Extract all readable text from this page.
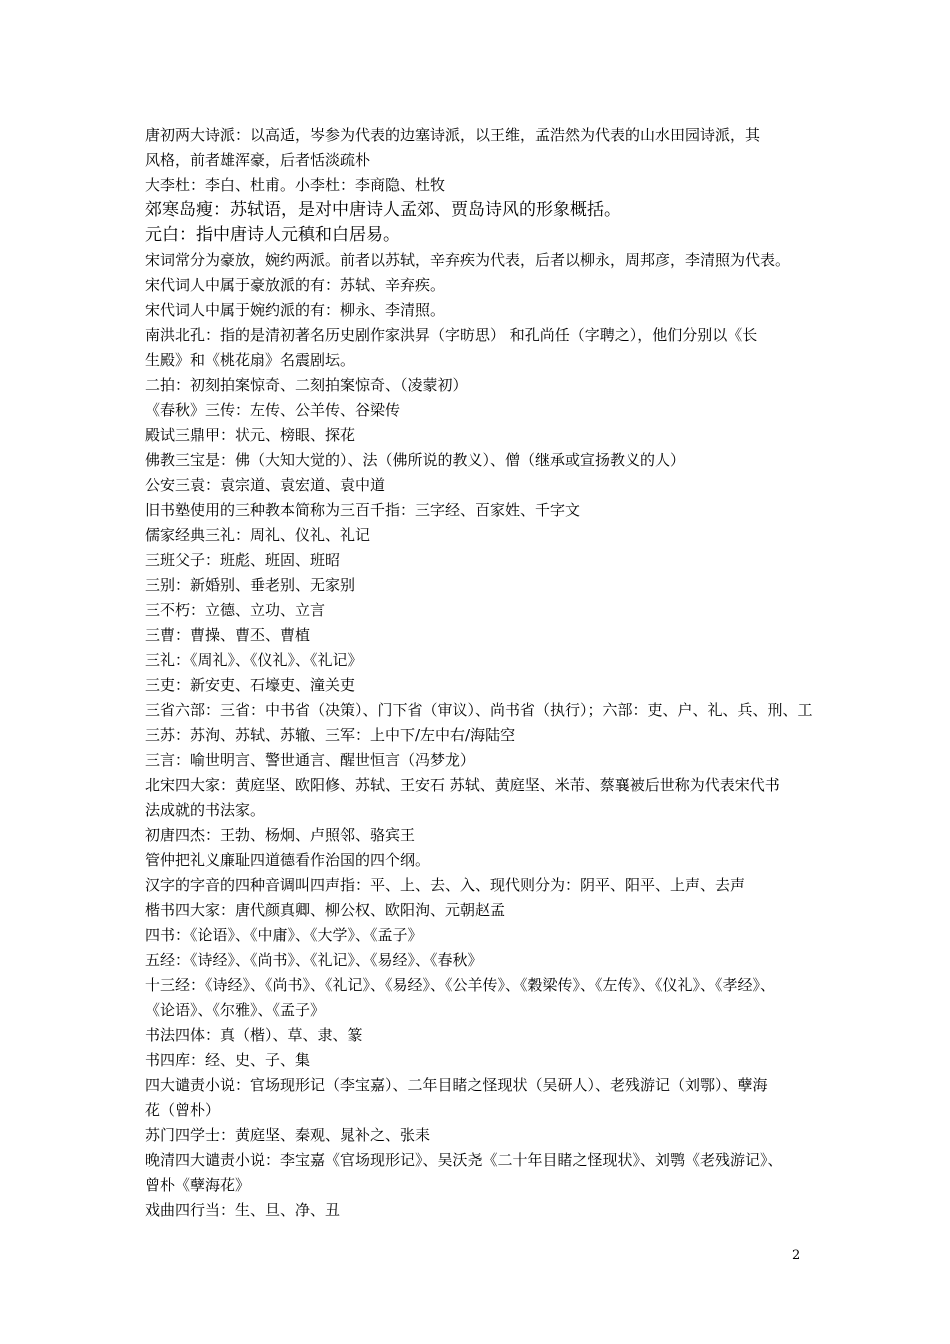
唐初两大诗派：以高适，岑参为代表的边塞诗派，以王维，孟浩然为代表的山水田园诗派，其
风格，前者雄浑豪，后者恬淡疏朴
大李杜：李白、杜甫。小李杜：李商隐、杜牧
郊寒岛瘦：苏轼语，是对中唐诗人孟郊、贾岛诗风的形象概括。
元白：指中唐诗人元稹和白居易。
宋词常分为豪放，婉约两派。前者以苏轼，辛弃疾为代表，后者以柳永，周邦彦，李清照为代表。
宋代词人中属于豪放派的有：苏轼、辛弃疾。
宋代词人中属于婉约派的有：柳永、李清照。
南洪北孔：指的是清初著名历史剧作家洪昇（字昉思） 和孔尚任（字聘之），他们分别以《长
生殿》和《桃花扇》名震剧坛。
二拍：初刻拍案惊奇、二刻拍案惊奇、（凌蒙初）
《春秋》三传：左传、公羊传、谷梁传
殿试三鼎甲：状元、榜眼、探花
佛教三宝是：佛（大知大觉的）、法（佛所说的教义）、僧（继承或宣扬教义的人）
公安三袁：袁宗道、袁宏道、袁中道
旧书塾使用的三种教本简称为三百千指：三字经、百家姓、千字文
儒家经典三礼：周礼、仪礼、礼记
三班父子：班彪、班固、班昭
三别：新婚别、垂老别、无家别
三不朽：立德、立功、立言
三曹：曹操、曹丕、曹植
三礼：《周礼》、《仪礼》、《礼记》
三吏：新安吏、石壕吏、潼关吏
三省六部：三省：中书省（决策）、门下省（审议）、尚书省（执行）；六部：吏、户、礼、兵、刑、工
三苏：苏洵、苏轼、苏辙、三军：上中下/左中右/海陆空
三言：喻世明言、警世通言、醒世恒言（冯梦龙）
北宋四大家：黄庭坚、欧阳修、苏轼、王安石 苏轼、黄庭坚、米芾、蔡襄被后世称为代表宋代书
法成就的书法家。
初唐四杰：王勃、杨炯、卢照邻、骆宾王
管仲把礼义廉耻四道德看作治国的四个纲。
汉字的字音的四种音调叫四声指：平、上、去、入、现代则分为：阴平、阳平、上声、去声
楷书四大家：唐代颜真卿、柳公权、欧阳洵、元朝赵孟
四书：《论语》、《中庸》、《大学》、《孟子》
五经：《诗经》、《尚书》、《礼记》、《易经》、《春秋》
十三经：《诗经》、《尚书》、《礼记》、《易经》、《公羊传》、《穀梁传》、《左传》、《仪礼》、《孝经》、
《论语》、《尔雅》、《孟子》
书法四体：真（楷）、草、隶、篆
书四库：经、史、子、集
四大谴责小说：官场现形记（李宝嘉）、二年目睹之怪现状（吴研人）、老残游记（刘鄂）、孽海
花（曾朴）
苏门四学士：黄庭坚、秦观、晁补之、张耒
晚清四大谴责小说：李宝嘉《官场现形记》、吴沃尧《二十年目睹之怪现状》、刘鹗《老残游记》、
曾朴《孽海花》
戏曲四行当：生、旦、净、丑
2
